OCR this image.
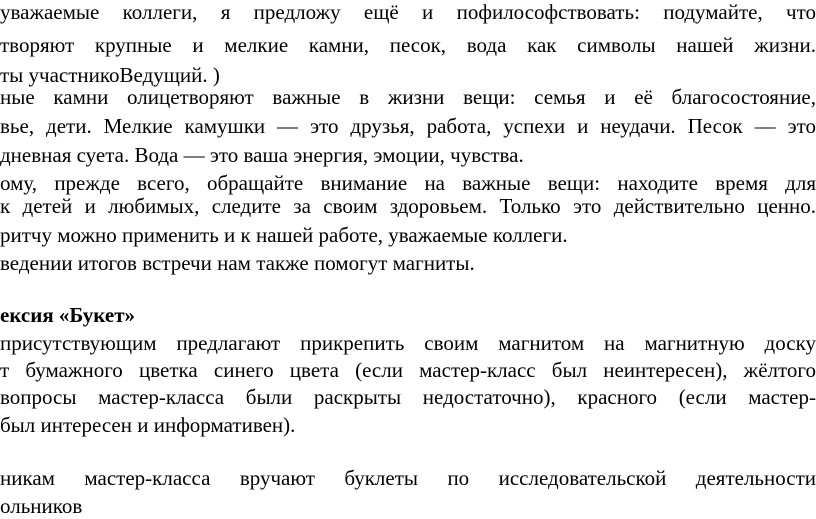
уважаемые коллеги, я предложу ещё и пофилософствовать: подумайте, что
творяют крупные и мелкие камни, песок, вода как символы нашей жизни.
ты участникоВедущий. )
ные камни олицетворяют важные в жизни вещи: семья и её благосостояние,
вье, дети. Мелкие камушки — это друзья, работа, успехи и неудачи. Песок — это
дневная суета. Вода — это ваша энергия, эмоции, чувства.
ому, прежде всего, обращайте внимание на важные вещи: находите время для
к детей и любимых, следите за своим здоровьем. Только это действительно ценно.
ритчу можно применить и к нашей работе, уважаемые коллеги.
ведении итогов встречи нам также помогут магниты.
ексия «Букет»
присутствующим предлагают прикрепить своим магнитом на магнитную доску
т бумажного цветка синего цвета (если мастер-класс был неинтересен), жёлтого
вопросы мастер-класса были раскрыты недостаточно), красного (если мастер-
был интересен и информативен).
никам мастер-класса вручают буклеты по исследовательской деятельности
ольников
